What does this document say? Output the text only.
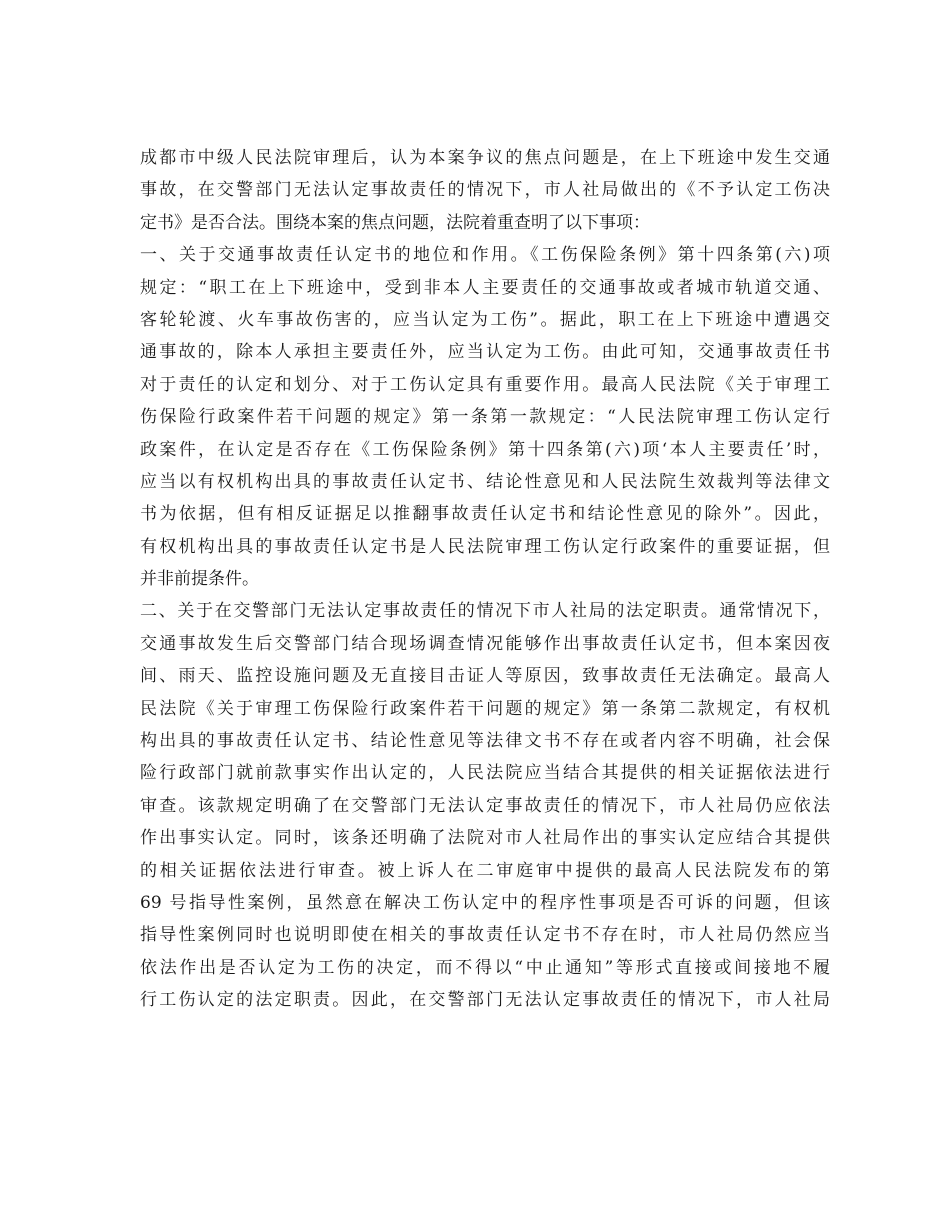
成都市中级人民法院审理后，认为本案争议的焦点问题是，在上下班途中发生交通
事故，在交警部门无法认定事故责任的情况下，市人社局做出的《不予认定工伤决
定书》是否合法。围绕本案的焦点问题，法院着重查明了以下事项：
一、关于交通事故责任认定书的地位和作用。《工伤保险条例》第十四条第(六)项
规定：“职工在上下班途中，受到非本人主要责任的交通事故或者城市轨道交通、
客轮轮渡、火车事故伤害的，应当认定为工伤”。据此，职工在上下班途中遭遇交
通事故的，除本人承担主要责任外，应当认定为工伤。由此可知，交通事故责任书
对于责任的认定和划分、对于工伤认定具有重要作用。最高人民法院《关于审理工
伤保险行政案件若干问题的规定》第一条第一款规定：“人民法院审理工伤认定行
政案件，在认定是否存在《工伤保险条例》第十四条第(六)项‘本人主要责任’时，
应当以有权机构出具的事故责任认定书、结论性意见和人民法院生效裁判等法律文
书为依据，但有相反证据足以推翻事故责任认定书和结论性意见的除外”。因此，
有权机构出具的事故责任认定书是人民法院审理工伤认定行政案件的重要证据，但
并非前提条件。
二、关于在交警部门无法认定事故责任的情况下市人社局的法定职责。通常情况下，
交通事故发生后交警部门结合现场调查情况能够作出事故责任认定书，但本案因夜
间、雨天、监控设施问题及无直接目击证人等原因，致事故责任无法确定。最高人
民法院《关于审理工伤保险行政案件若干问题的规定》第一条第二款规定，有权机
构出具的事故责任认定书、结论性意见等法律文书不存在或者内容不明确，社会保
险行政部门就前款事实作出认定的，人民法院应当结合其提供的相关证据依法进行
审查。该款规定明确了在交警部门无法认定事故责任的情况下，市人社局仍应依法
作出事实认定。同时，该条还明确了法院对市人社局作出的事实认定应结合其提供
的相关证据依法进行审查。被上诉人在二审庭审中提供的最高人民法院发布的第
69 号指导性案例，虽然意在解决工伤认定中的程序性事项是否可诉的问题，但该
指导性案例同时也说明即使在相关的事故责任认定书不存在时，市人社局仍然应当
依法作出是否认定为工伤的决定，而不得以“中止通知”等形式直接或间接地不履
行工伤认定的法定职责。因此，在交警部门无法认定事故责任的情况下，市人社局
